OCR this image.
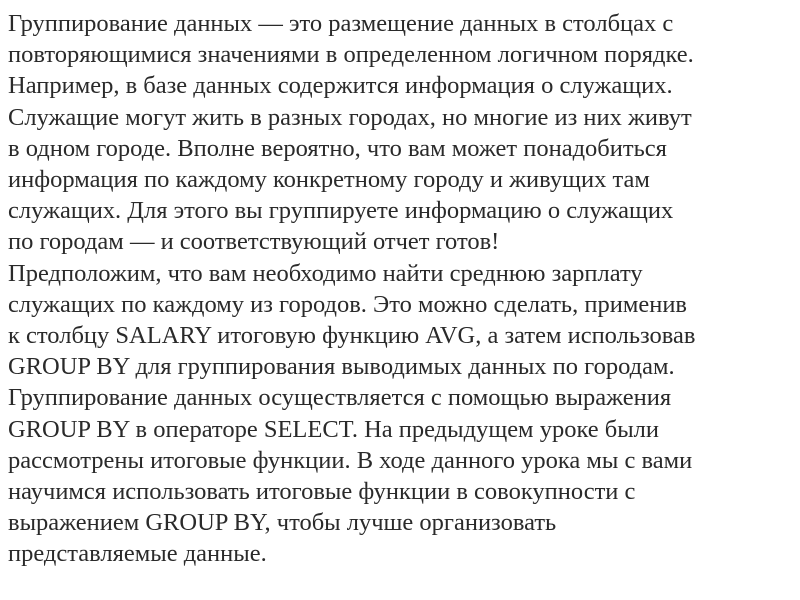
Группирование данных — это размещение данных в столбцах с
повторяющимися значениями в определенном логичном порядке.
Например, в базе данных содержится информация о служащих.
Служащие могут жить в разных городах, но многие из них живут
в одном городе. Вполне вероятно, что вам может понадобиться
информация по каждому конкретному городу и живущих там
служащих. Для этого вы группируете информацию о служащих
по городам — и соответствующий отчет готов!

Предположим, что вам необходимо найти среднюю зарплату
служащих по каждому из городов. Это можно сделать, применив
к столбцу SALARY итоговую функцию AVG, а затем использовав
GROUP BY для группирования выводимых данных по городам.

Группирование данных осуществляется с помощью выражения
GROUP BY в операторе SELECT. На предыдущем уроке были
рассмотрены итоговые функции. В ходе данного урока мы с вами
научимся использовать итоговые функции в совокупности с
выражением GROUP BY, чтобы лучше организовать
представляемые данные.
